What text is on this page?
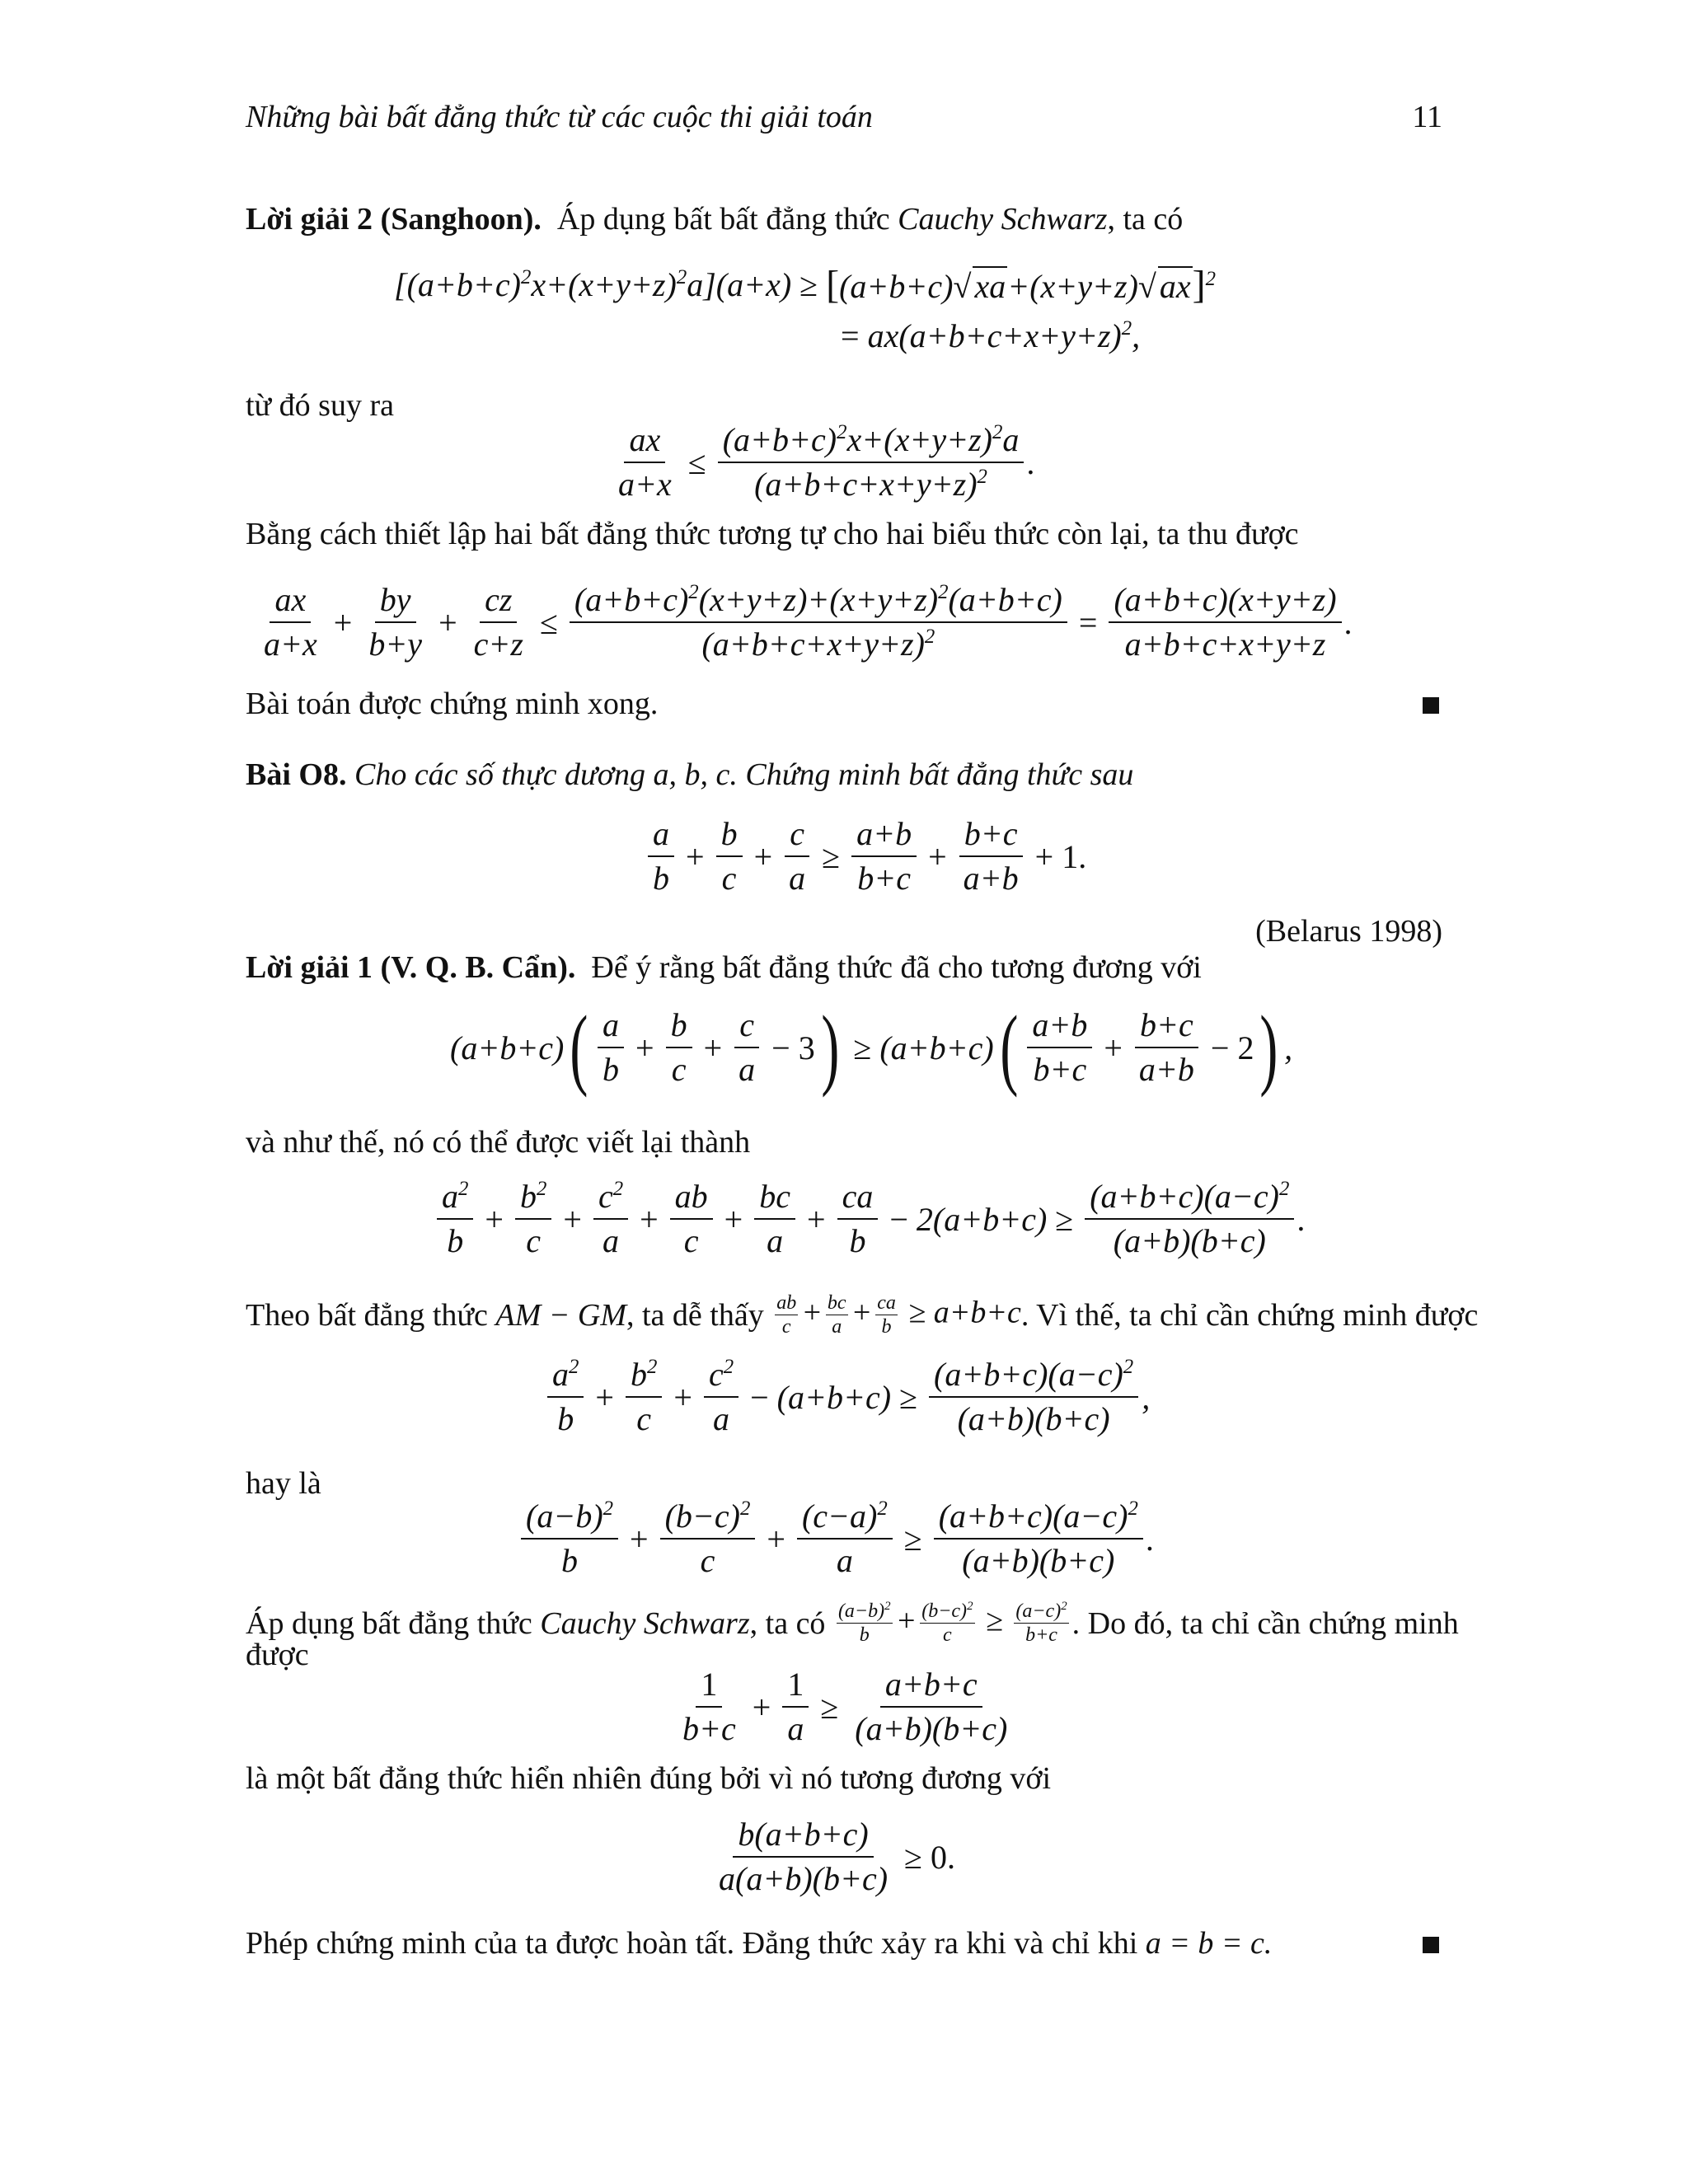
Những bài bất đẳng thức từ các cuộc thi giải toán	11
Lời giải 2 (Sanghoon). Áp dụng bất bất đẳng thức Cauchy Schwarz, ta có
$[(a+b+c)^2x+(x+y+z)^2a](a+x) \ge [(a+b+c)√$ xa+(x+y+z)√ ax]$^2$
= $ax(a+b+c+x+y+z)^2$,
từ đó suy ra
$\frac{ax}{a+x} \le \frac{(a+b+c)^2x+(x+y+z)^2a}{(a+b+c+x+y+z)^2}$ .
Bằng cách thiết lập hai bất đẳng thức tương tự cho hai biểu thức còn lại, ta thu được
$\frac{ax}{a+x} + \frac{by}{b+y} + \frac{cz}{c+z} \le \frac{(a+b+c)^2(x+y+z)+(x+y+z)^2(a+b+c)}{(a+b+c+x+y+z)^2} = \frac{(a+b+c)(x+y+z)}{a+b+c+x+y+z}$ .
Bài toán được chứng minh xong.
Bài O8. Cho các số thực dương a, b, c. Chứng minh bất đẳng thức sau
$\frac{a}{b} + \frac{b}{c} + \frac{c}{a} \ge \frac{a+b}{b+c} + \frac{b+c}{a+b} + 1$.
(Belarus 1998)
Lời giải 1 (V. Q. B. Cẩn). Để ý rằng bất đẳng thức đã cho tương đương với
(a+b+c) ( $\frac{a}{b} + \frac{b}{c} + \frac{c}{a} - 3$ ) ≥ (a+b+c) ( $\frac{a+b}{b+c} + \frac{b+c}{a+b} - 2$ ) ,
và như thế, nó có thể được viết lại thành
$\frac{a^2}{b} + \frac{b^2}{c} + \frac{c^2}{a} + \frac{ab}{c} + \frac{bc}{a} + \frac{ca}{b} - 2(a+b+c) \ge \frac{(a+b+c)(a-c)^2}{(a+b)(b+c)}$ .
Theo bất đẳng thức
AM − GM , ta dễ thấy
$\frac{ab}{c} + \frac{bc}{a} + \frac{ca}{b} \ge a+b+c$ . Vì thế, ta chỉ cần chứng minh được
$\frac{a^2}{b} + \frac{b^2}{c} + \frac{c^2}{a} - (a+b+c) \ge \frac{(a+b+c)(a-c)^2}{(a+b)(b+c)}$ ,
hay là
$\frac{(a-b)^2}{b} + \frac{(b-c)^2}{c} + \frac{(c-a)^2}{a} \ge \frac{(a+b+c)(a-c)^2}{(a+b)(b+c)}$ .
Áp dụng bất đẳng thức
Cauchy Schwarz , ta có
$\frac{(a-b)^2}{b} + \frac{(b-c)^2}{c} \ge \frac{(a-c)^2}{b+c}$ . Do đó, ta chỉ cần chứng minh
được
$\frac{1}{b+c} + \frac{1}{a} \ge \frac{a+b+c}{(a+b)(b+c)}$
là một bất đẳng thức hiển nhiên đúng bởi vì nó tương đương với
$\frac{b(a+b+c)}{a(a+b)(b+c)} \ge 0$.
Phép chứng minh của ta được hoàn tất. Đẳng thức xảy ra khi và chỉ khi a = b = c.
